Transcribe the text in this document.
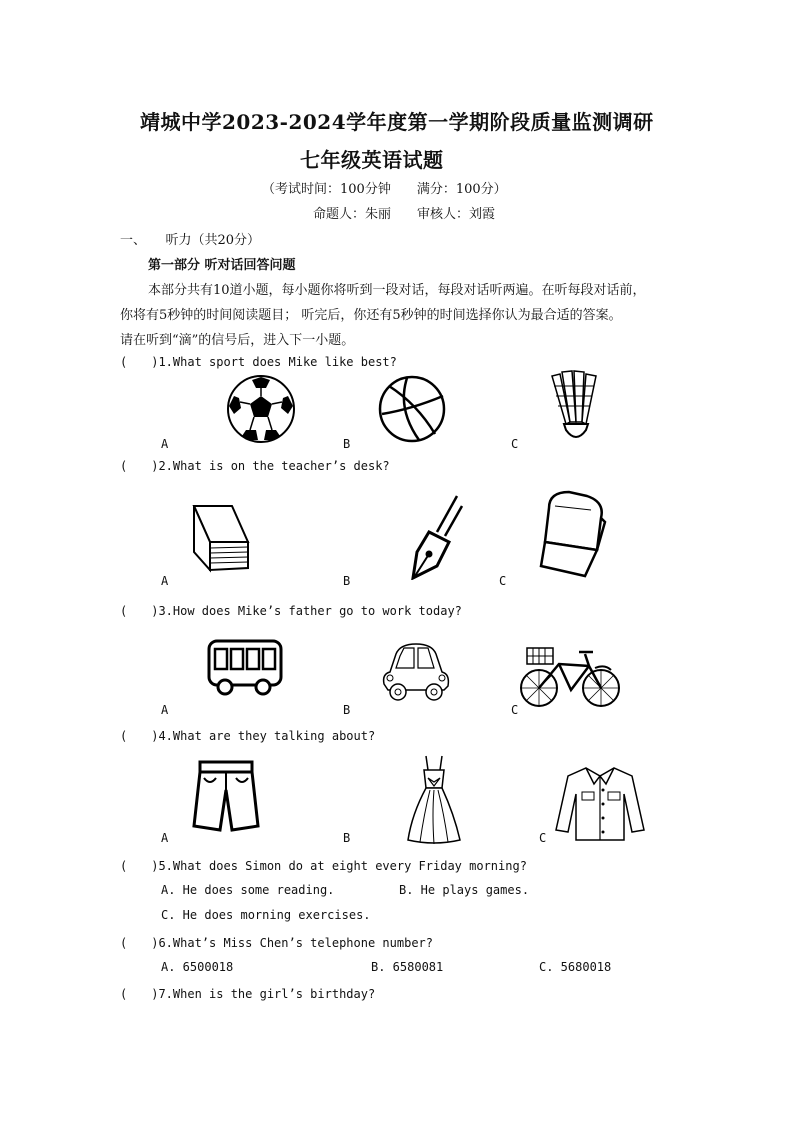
靖城中学2023-2024学年度第一学期阶段质量监测调研
七年级英语试题
（考试时间：100分钟　　满分：100分）
命题人：朱丽　　审核人：刘霞
一、　　听力（共20分）
第一部分 听对话回答问题
本部分共有10道小题，每小题你将听到一段对话，每段对话听两遍。在听每段对话前，
你将有5秒钟的时间阅读题目； 听完后，你还有5秒钟的时间选择你认为最合适的答案。
请在听到“滴”的信号后，进入下一小题。
(　　)1.What sport does Mike like best?
A	B	C
(　　)2.What is on the teacher’s desk?
A	B	C
(　　)3.How does Mike’s father go to work today?
A	B	C
(　　)4.What are they talking about?
A	B	C
(　　)5.What does Simon do at eight every Friday morning?
A. He does some reading.	B. He plays games.
C. He does morning exercises.
(　　)6.What’s Miss Chen’s telephone number?
A. 6500018	B. 6580081	C. 5680018
(　　)7.When is the girl’s birthday?
